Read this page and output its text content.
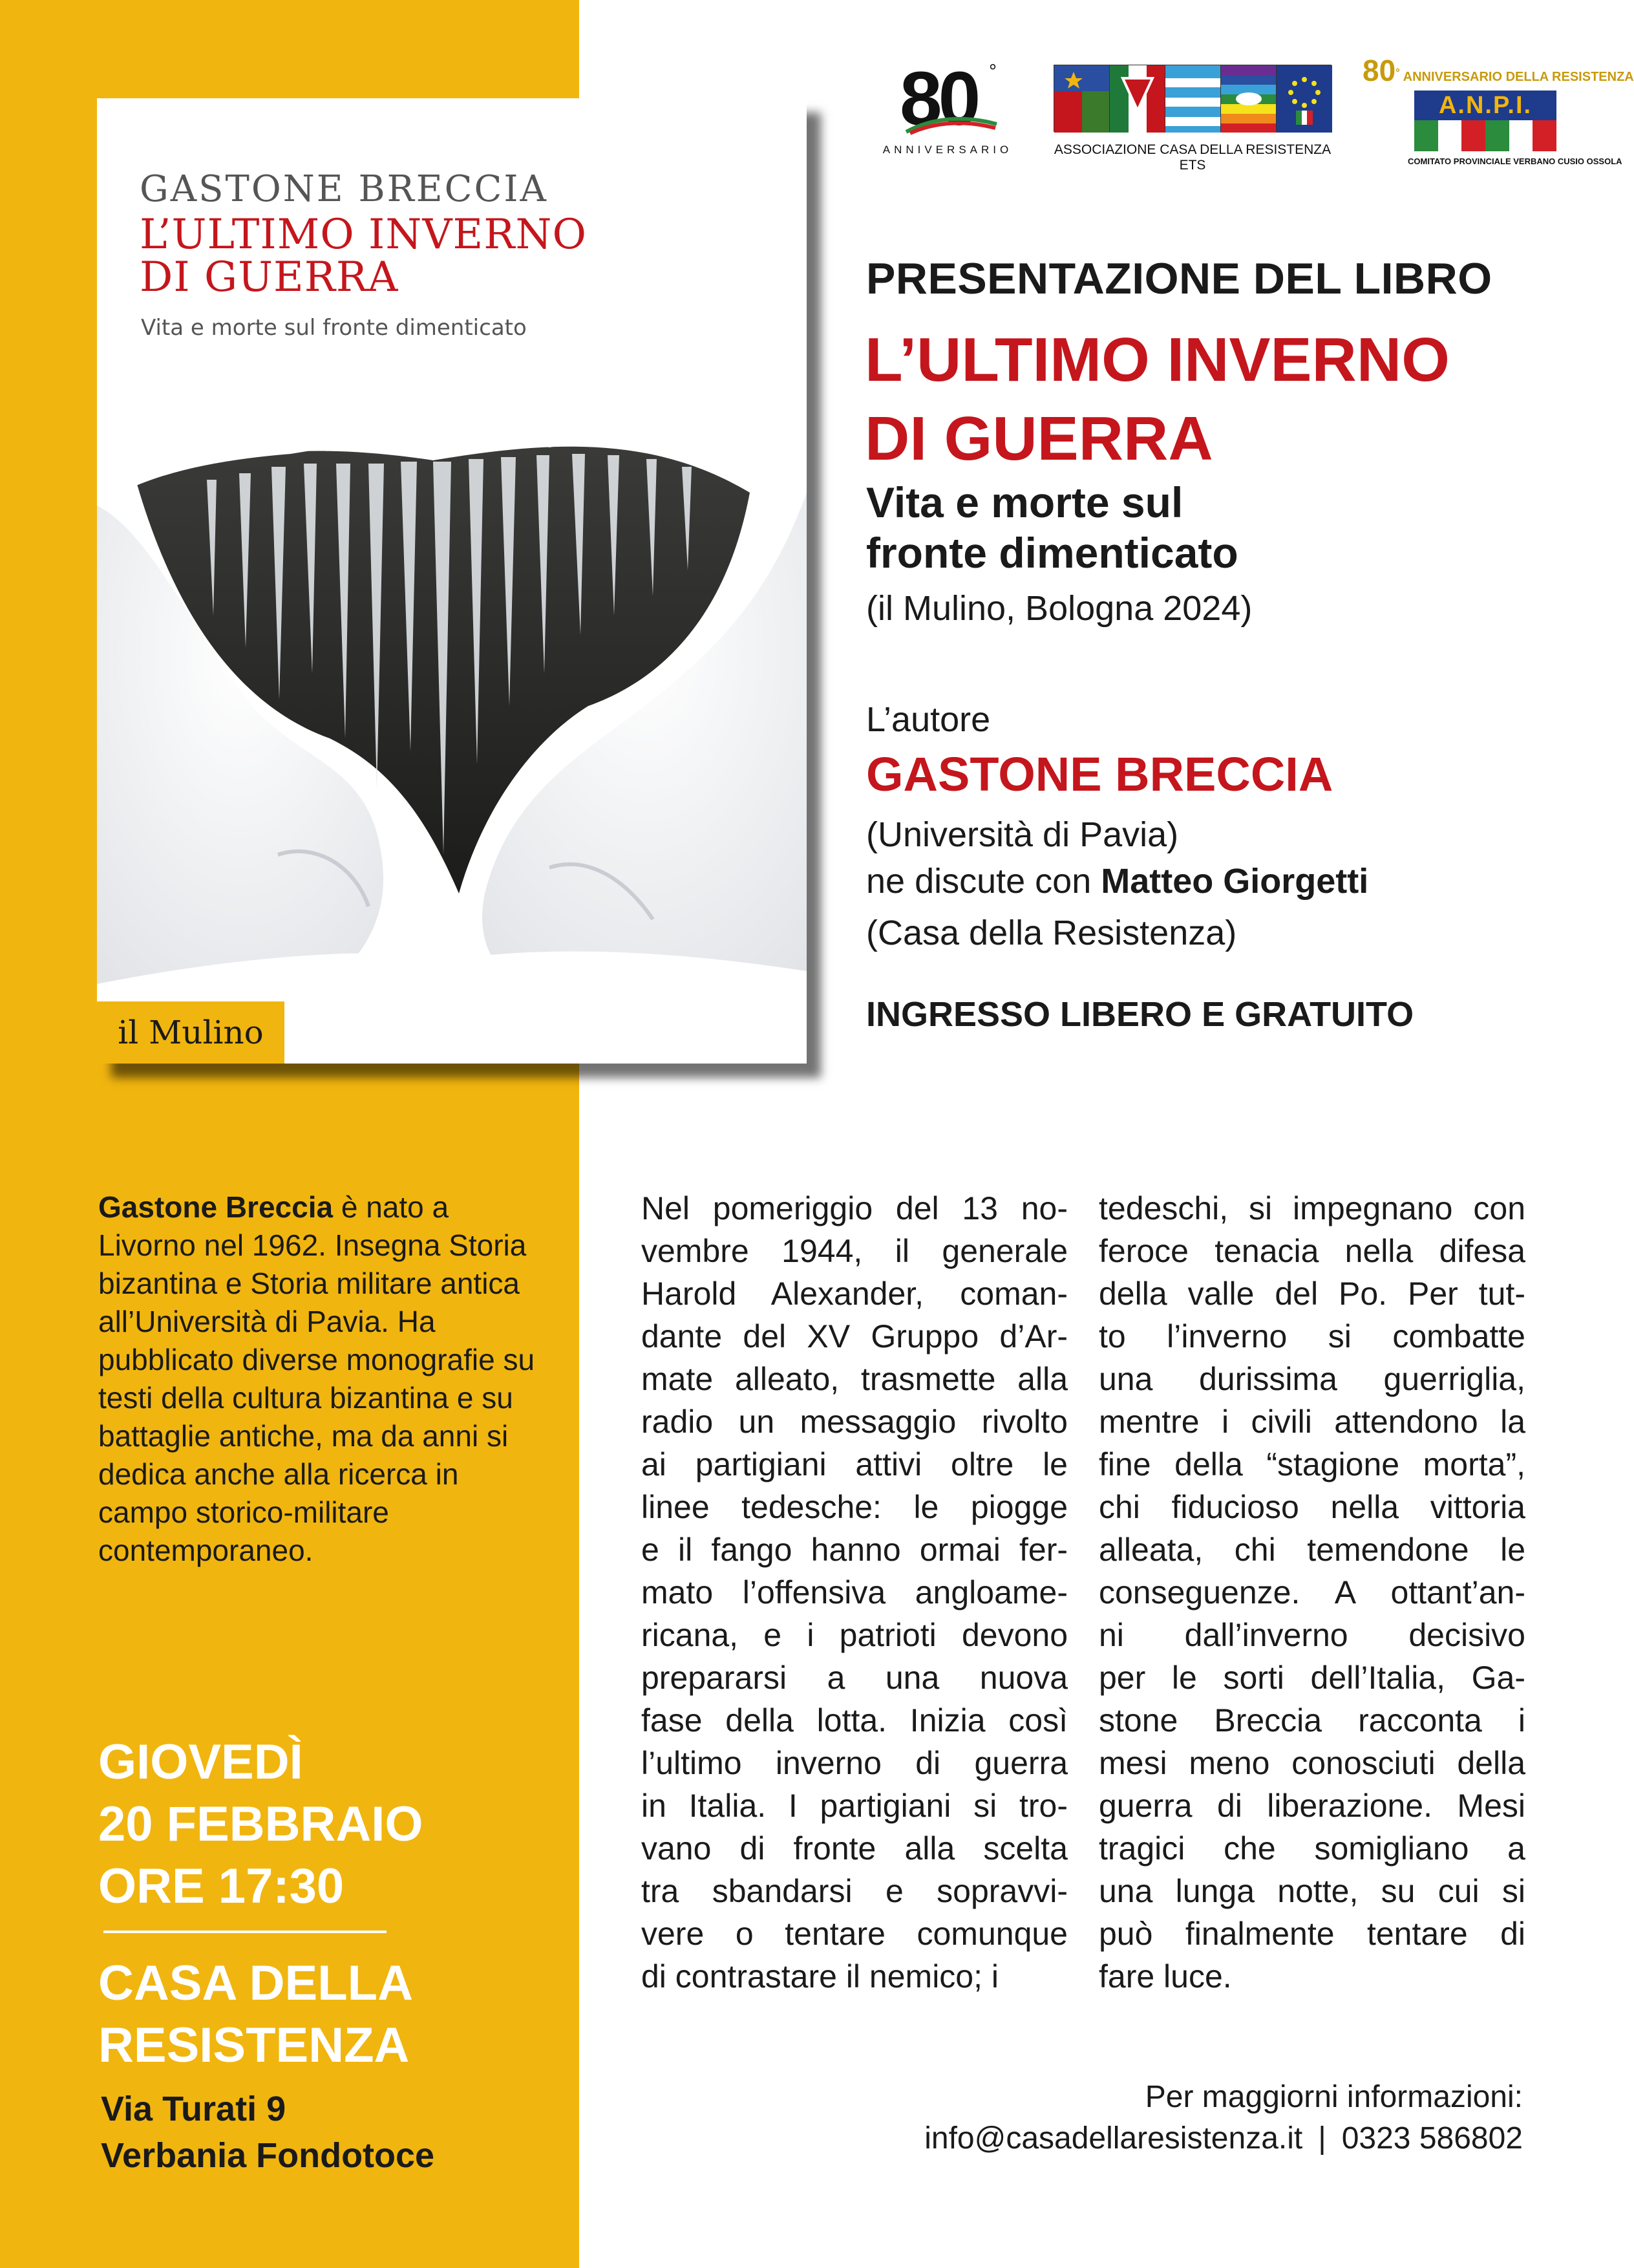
GASTONE BRECCIA
L’ULTIMO INVERNO
DI GUERRA
Vita e morte sul fronte dimenticato
il Mulino
80 °
ANNIVERSARIO	ASSOCIAZIONE CASA DELLA RESISTENZA ETS
80° ANNIVERSARIO DELLA RESISTENZA
A.N.P.I.
COMITATO PROVINCIALE VERBANO CUSIO OSSOLA
PRESENTAZIONE DEL LIBRO
L’ULTIMO INVERNO
DI GUERRA
Vita e morte sul
fronte dimenticato
(il Mulino, Bologna 2024)
L’autore
GASTONE BRECCIA
(Università di Pavia)
ne discute con Matteo Giorgetti
(Casa della Resistenza)
INGRESSO LIBERO E GRATUITO
Gastone Breccia è nato a Livorno nel 1962. Insegna Storia bizantina e Storia militare antica all’Università di Pavia. Ha pubblicato diverse monografie su testi della cultura bizantina e su battaglie antiche, ma da anni si dedica anche alla ricerca in campo storico-militare contemporaneo.
GIOVEDÌ
20 FEBBRAIO
ORE 17:30
CASA DELLA
RESISTENZA
Via Turati 9
Verbania Fondotoce
Nel pomeriggio del 13 no-
vembre 1944, il generale
Harold Alexander, coman-
dante del XV Gruppo d’Ar-
mate alleato, trasmette alla
radio un messaggio rivolto
ai partigiani attivi oltre le
linee tedesche: le piogge
e il fango hanno ormai fer-
mato l’offensiva angloame-
ricana, e i patrioti devono
prepararsi a una nuova
fase della lotta. Inizia così
l’ultimo inverno di guerra
in Italia. I partigiani si tro-
vano di fronte alla scelta
tra sbandarsi e sopravvi-
vere o tentare comunque
di contrastare il nemico; i
tedeschi, si impegnano con
feroce tenacia nella difesa
della valle del Po. Per tut-
to l’inverno si combatte
una durissima guerriglia,
mentre i civili attendono la
fine della “stagione morta”,
chi fiducioso nella vittoria
alleata, chi temendone le
conseguenze. A ottant’an-
ni dall’inverno decisivo
per le sorti dell’Italia, Ga-
stone Breccia racconta i
mesi meno conosciuti della
guerra di liberazione. Mesi
tragici che somigliano a
una lunga notte, su cui si
può finalmente tentare di
fare luce.
Per maggiorni informazioni:
info@casadellaresistenza.it | 0323 586802
